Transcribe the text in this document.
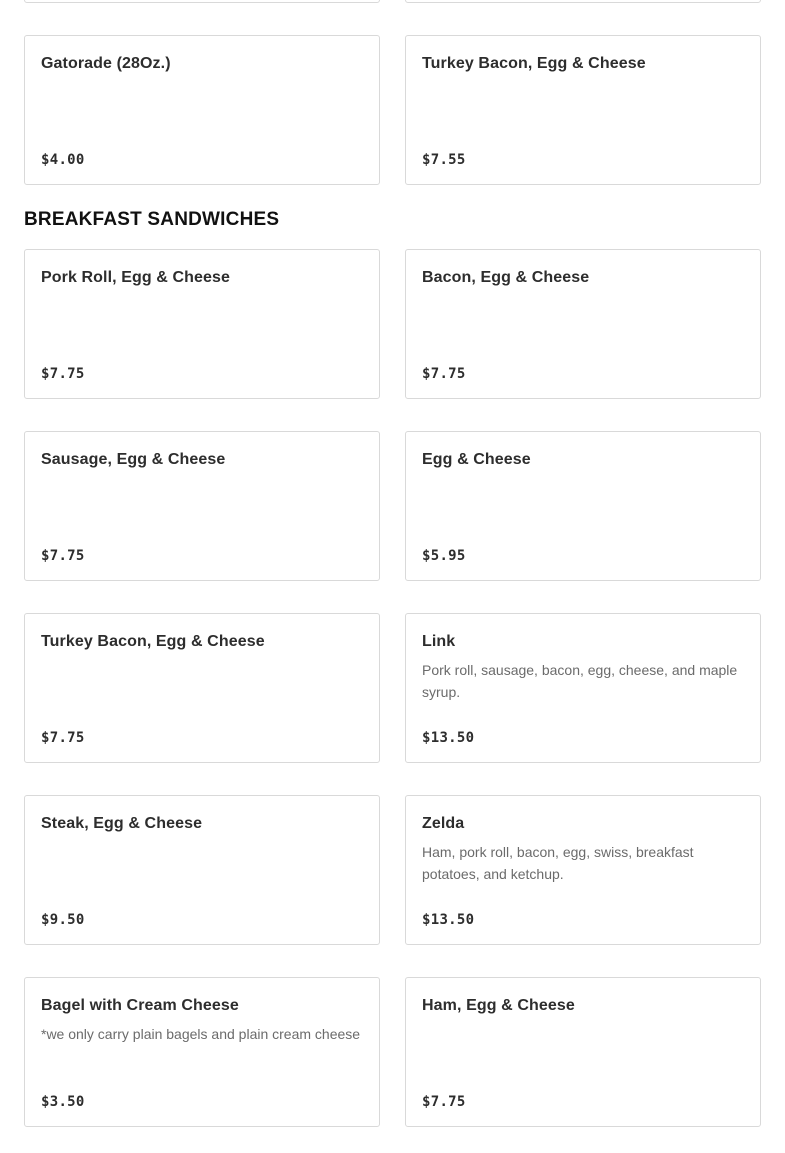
Gatorade (28Oz.)
$4.00
Turkey Bacon, Egg & Cheese
$7.55
BREAKFAST SANDWICHES
Pork Roll, Egg & Cheese
$7.75
Bacon, Egg & Cheese
$7.75
Sausage, Egg & Cheese
$7.75
Egg & Cheese
$5.95
Turkey Bacon, Egg & Cheese
$7.75
Link
Pork roll, sausage, bacon, egg, cheese, and maple syrup.
$13.50
Steak, Egg & Cheese
$9.50
Zelda
Ham, pork roll, bacon, egg, swiss, breakfast potatoes, and ketchup.
$13.50
Bagel with Cream Cheese
*we only carry plain bagels and plain cream cheese
$3.50
Ham, Egg & Cheese
$7.75
